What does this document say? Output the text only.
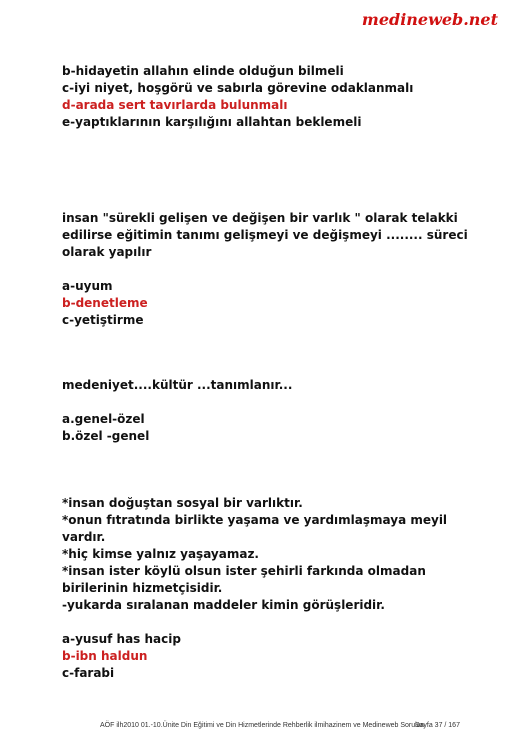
medineweb.net
b-hidayetin allahın elinde olduğun bilmeli
c-iyi niyet, hoşgörü ve sabırla görevine odaklanmalı
d-arada sert tavırlarda bulunmalı
e-yaptıklarının karşılığını allahtan beklemeli
insan "sürekli gelişen ve değişen bir varlık " olarak telakki
edilirse eğitimin tanımı gelişmeyi ve değişmeyi ........ süreci
olarak yapılır
a-uyum
b-denetleme
c-yetiştirme
medeniyet....kültür ...tanımlanır...
a.genel-özel
b.özel -genel
*insan doğuştan sosyal bir varlıktır.
*onun fıtratında birlikte yaşama ve yardımlaşmaya meyil
vardır.
*hiç kimse yalnız yaşayamaz.
*insan ister köylü olsun ister şehirli farkında olmadan
birilerinin hizmetçisidir.
-yukarda sıralanan maddeler kimin görüşleridir.
a-yusuf has hacip
b-ibn haldun
c-farabi
AÖF ilh2010 01.-10.Ünite Din Eğitimi ve Din Hizmetlerinde Rehberlik ilmihazinem ve Medineweb Soruları Sayfa 37 / 167
